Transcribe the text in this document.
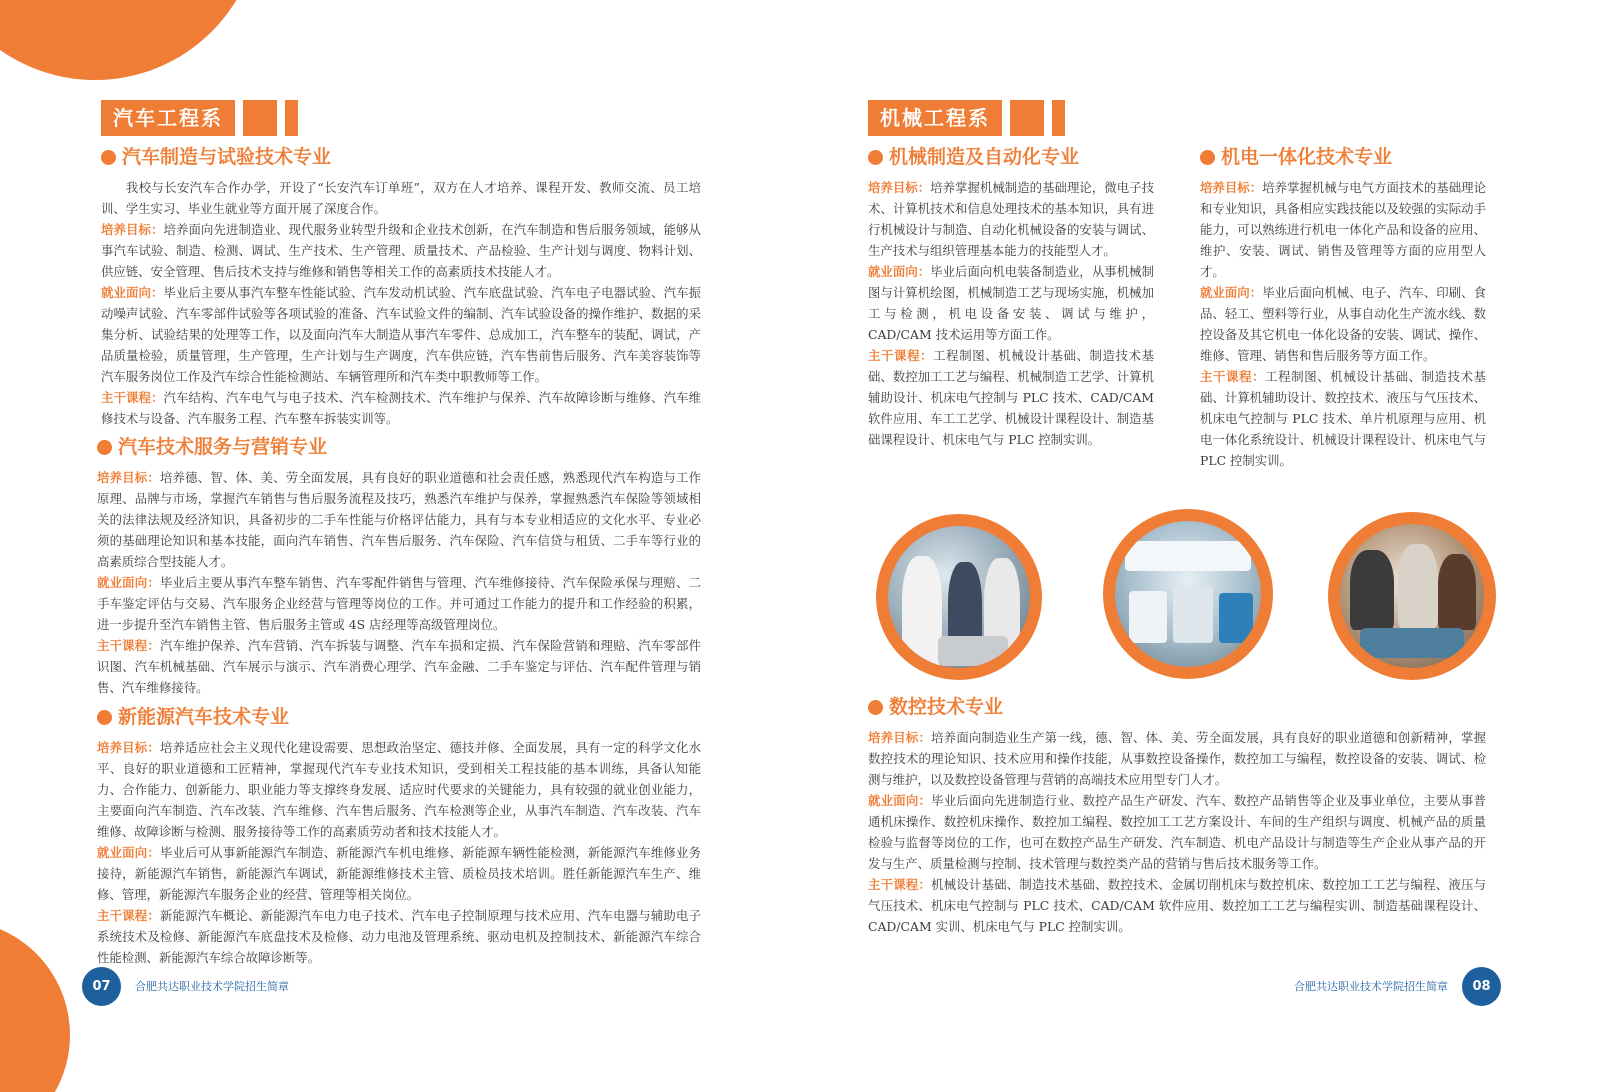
汽车工程系
汽车制造与试验技术专业

我校与长安汽车合作办学，开设了“长安汽车订单班”，双方在人才培养、课程开发、教师交流、员工培训、学生实习、毕业生就业等方面开展了深度合作。

培养目标：培养面向先进制造业、现代服务业转型升级和企业技术创新，在汽车制造和售后服务领域，能够从事汽车试验、制造、检测、调试、生产技术、生产管理、质量技术、产品检验、生产计划与调度、物料计划、供应链、安全管理、售后技术支持与维修和销售等相关工作的高素质技术技能人才。

就业面向：毕业后主要从事汽车整车性能试验、汽车发动机试验、汽车底盘试验、汽车电子电器试验、汽车振动噪声试验、汽车零部件试验等各项试验的准备、汽车试验文件的编制、汽车试验设备的操作维护、数据的采集分析、试验结果的处理等工作，以及面向汽车大制造从事汽车零件、总成加工，汽车整车的装配、调试，产品质量检验，质量管理，生产管理，生产计划与生产调度，汽车供应链，汽车售前售后服务、汽车美容装饰等汽车服务岗位工作及汽车综合性能检测站、车辆管理所和汽车类中职教师等工作。

主干课程：汽车结构、汽车电气与电子技术、汽车检测技术、汽车维护与保养、汽车故障诊断与维修、汽车维修技术与设备、汽车服务工程、汽车整车拆装实训等。

汽车技术服务与营销专业

培养目标：培养德、智、体、美、劳全面发展，具有良好的职业道德和社会责任感，熟悉现代汽车构造与工作原理、品牌与市场，掌握汽车销售与售后服务流程及技巧，熟悉汽车维护与保养，掌握熟悉汽车保险等领域相关的法律法规及经济知识，具备初步的二手车性能与价格评估能力，具有与本专业相适应的文化水平、专业必须的基础理论知识和基本技能，面向汽车销售、汽车售后服务、汽车保险、汽车信贷与租赁、二手车等行业的高素质综合型技能人才。

就业面向：毕业后主要从事汽车整车销售、汽车零配件销售与管理、汽车维修接待、汽车保险承保与理赔、二手车鉴定评估与交易、汽车服务企业经营与管理等岗位的工作。并可通过工作能力的提升和工作经验的积累，进一步提升至汽车销售主管、售后服务主管或 4S 店经理等高级管理岗位。

主干课程：汽车维护保养、汽车营销、汽车拆装与调整、汽车车损和定损、汽车保险营销和理赔、汽车零部件识图、汽车机械基础、汽车展示与演示、汽车消费心理学、汽车金融、二手车鉴定与评估、汽车配件管理与销售、汽车维修接待。

新能源汽车技术专业

培养目标：培养适应社会主义现代化建设需要、思想政治坚定、德技并修、全面发展，具有一定的科学文化水平、良好的职业道德和工匠精神，掌握现代汽车专业技术知识，受到相关工程技能的基本训练，具备认知能力、合作能力、创新能力、职业能力等支撑终身发展、适应时代要求的关键能力，具有较强的就业创业能力，主要面向汽车制造、汽车改装、汽车维修、汽车售后服务、汽车检测等企业，从事汽车制造、汽车改装、汽车维修、故障诊断与检测、服务接待等工作的高素质劳动者和技术技能人才。

就业面向：毕业后可从事新能源汽车制造、新能源汽车机电维修、新能源车辆性能检测，新能源汽车维修业务接待，新能源汽车销售，新能源汽车调试，新能源维修技术主管、质检员技术培训。胜任新能源汽车生产、维修、管理，新能源汽车服务企业的经营、管理等相关岗位。

主干课程：新能源汽车概论、新能源汽车电力电子技术、汽车电子控制原理与技术应用、汽车电器与辅助电子系统技术及检修、新能源汽车底盘技术及检修、动力电池及管理系统、驱动电机及控制技术、新能源汽车综合性能检测、新能源汽车综合故障诊断等。

07	合肥共达职业技术学院招生简章
机械工程系
机械制造及自动化专业

培养目标：培养掌握机械制造的基础理论，微电子技术、计算机技术和信息处理技术的基本知识，具有进行机械设计与制造、自动化机械设备的安装与调试、生产技术与组织管理基本能力的技能型人才。

就业面向：毕业后面向机电装备制造业，从事机械制图与计算机绘图，机械制造工艺与现场实施，机械加工与检测，机电设备安装、调试与维护，CAD/CAM 技术运用等方面工作。

主干课程：工程制图、机械设计基础、制造技术基础、数控加工工艺与编程、机械制造工艺学、计算机辅助设计、机床电气控制与 PLC 技术、CAD/CAM 软件应用、车工工艺学、机械设计课程设计、制造基础课程设计、机床电气与 PLC 控制实训。

机电一体化技术专业

培养目标：培养掌握机械与电气方面技术的基础理论和专业知识，具备相应实践技能以及较强的实际动手能力，可以熟练进行机电一体化产品和设备的应用、维护、安装、调试、销售及管理等方面的应用型人才。

就业面向：毕业后面向机械、电子、汽车、印刷、食品、轻工、塑料等行业，从事自动化生产流水线、数控设备及其它机电一体化设备的安装、调试、操作、维修、管理、销售和售后服务等方面工作。

主干课程：工程制图、机械设计基础、制造技术基础、计算机辅助设计、数控技术、液压与气压技术、机床电气控制与 PLC 技术、单片机原理与应用、机电一体化系统设计、机械设计课程设计、机床电气与 PLC 控制实训。

数控技术专业

培养目标：培养面向制造业生产第一线，德、智、体、美、劳全面发展，具有良好的职业道德和创新精神，掌握数控技术的理论知识、技术应用和操作技能，从事数控设备操作，数控加工与编程，数控设备的安装、调试、检测与维护，以及数控设备管理与营销的高端技术应用型专门人才。

就业面向：毕业后面向先进制造行业、数控产品生产研发、汽车、数控产品销售等企业及事业单位，主要从事普通机床操作、数控机床操作、数控加工编程、数控加工工艺方案设计、车间的生产组织与调度、机械产品的质量检验与监督等岗位的工作，也可在数控产品生产研发、汽车制造、机电产品设计与制造等生产企业从事产品的开发与生产、质量检测与控制、技术管理与数控类产品的营销与售后技术服务等工作。

主干课程：机械设计基础、制造技术基础、数控技术、金属切削机床与数控机床、数控加工工艺与编程、液压与气压技术、机床电气控制与 PLC 技术、CAD/CAM 软件应用、数控加工工艺与编程实训、制造基础课程设计、CAD/CAM 实训、机床电气与 PLC 控制实训。

合肥共达职业技术学院招生简章	08
